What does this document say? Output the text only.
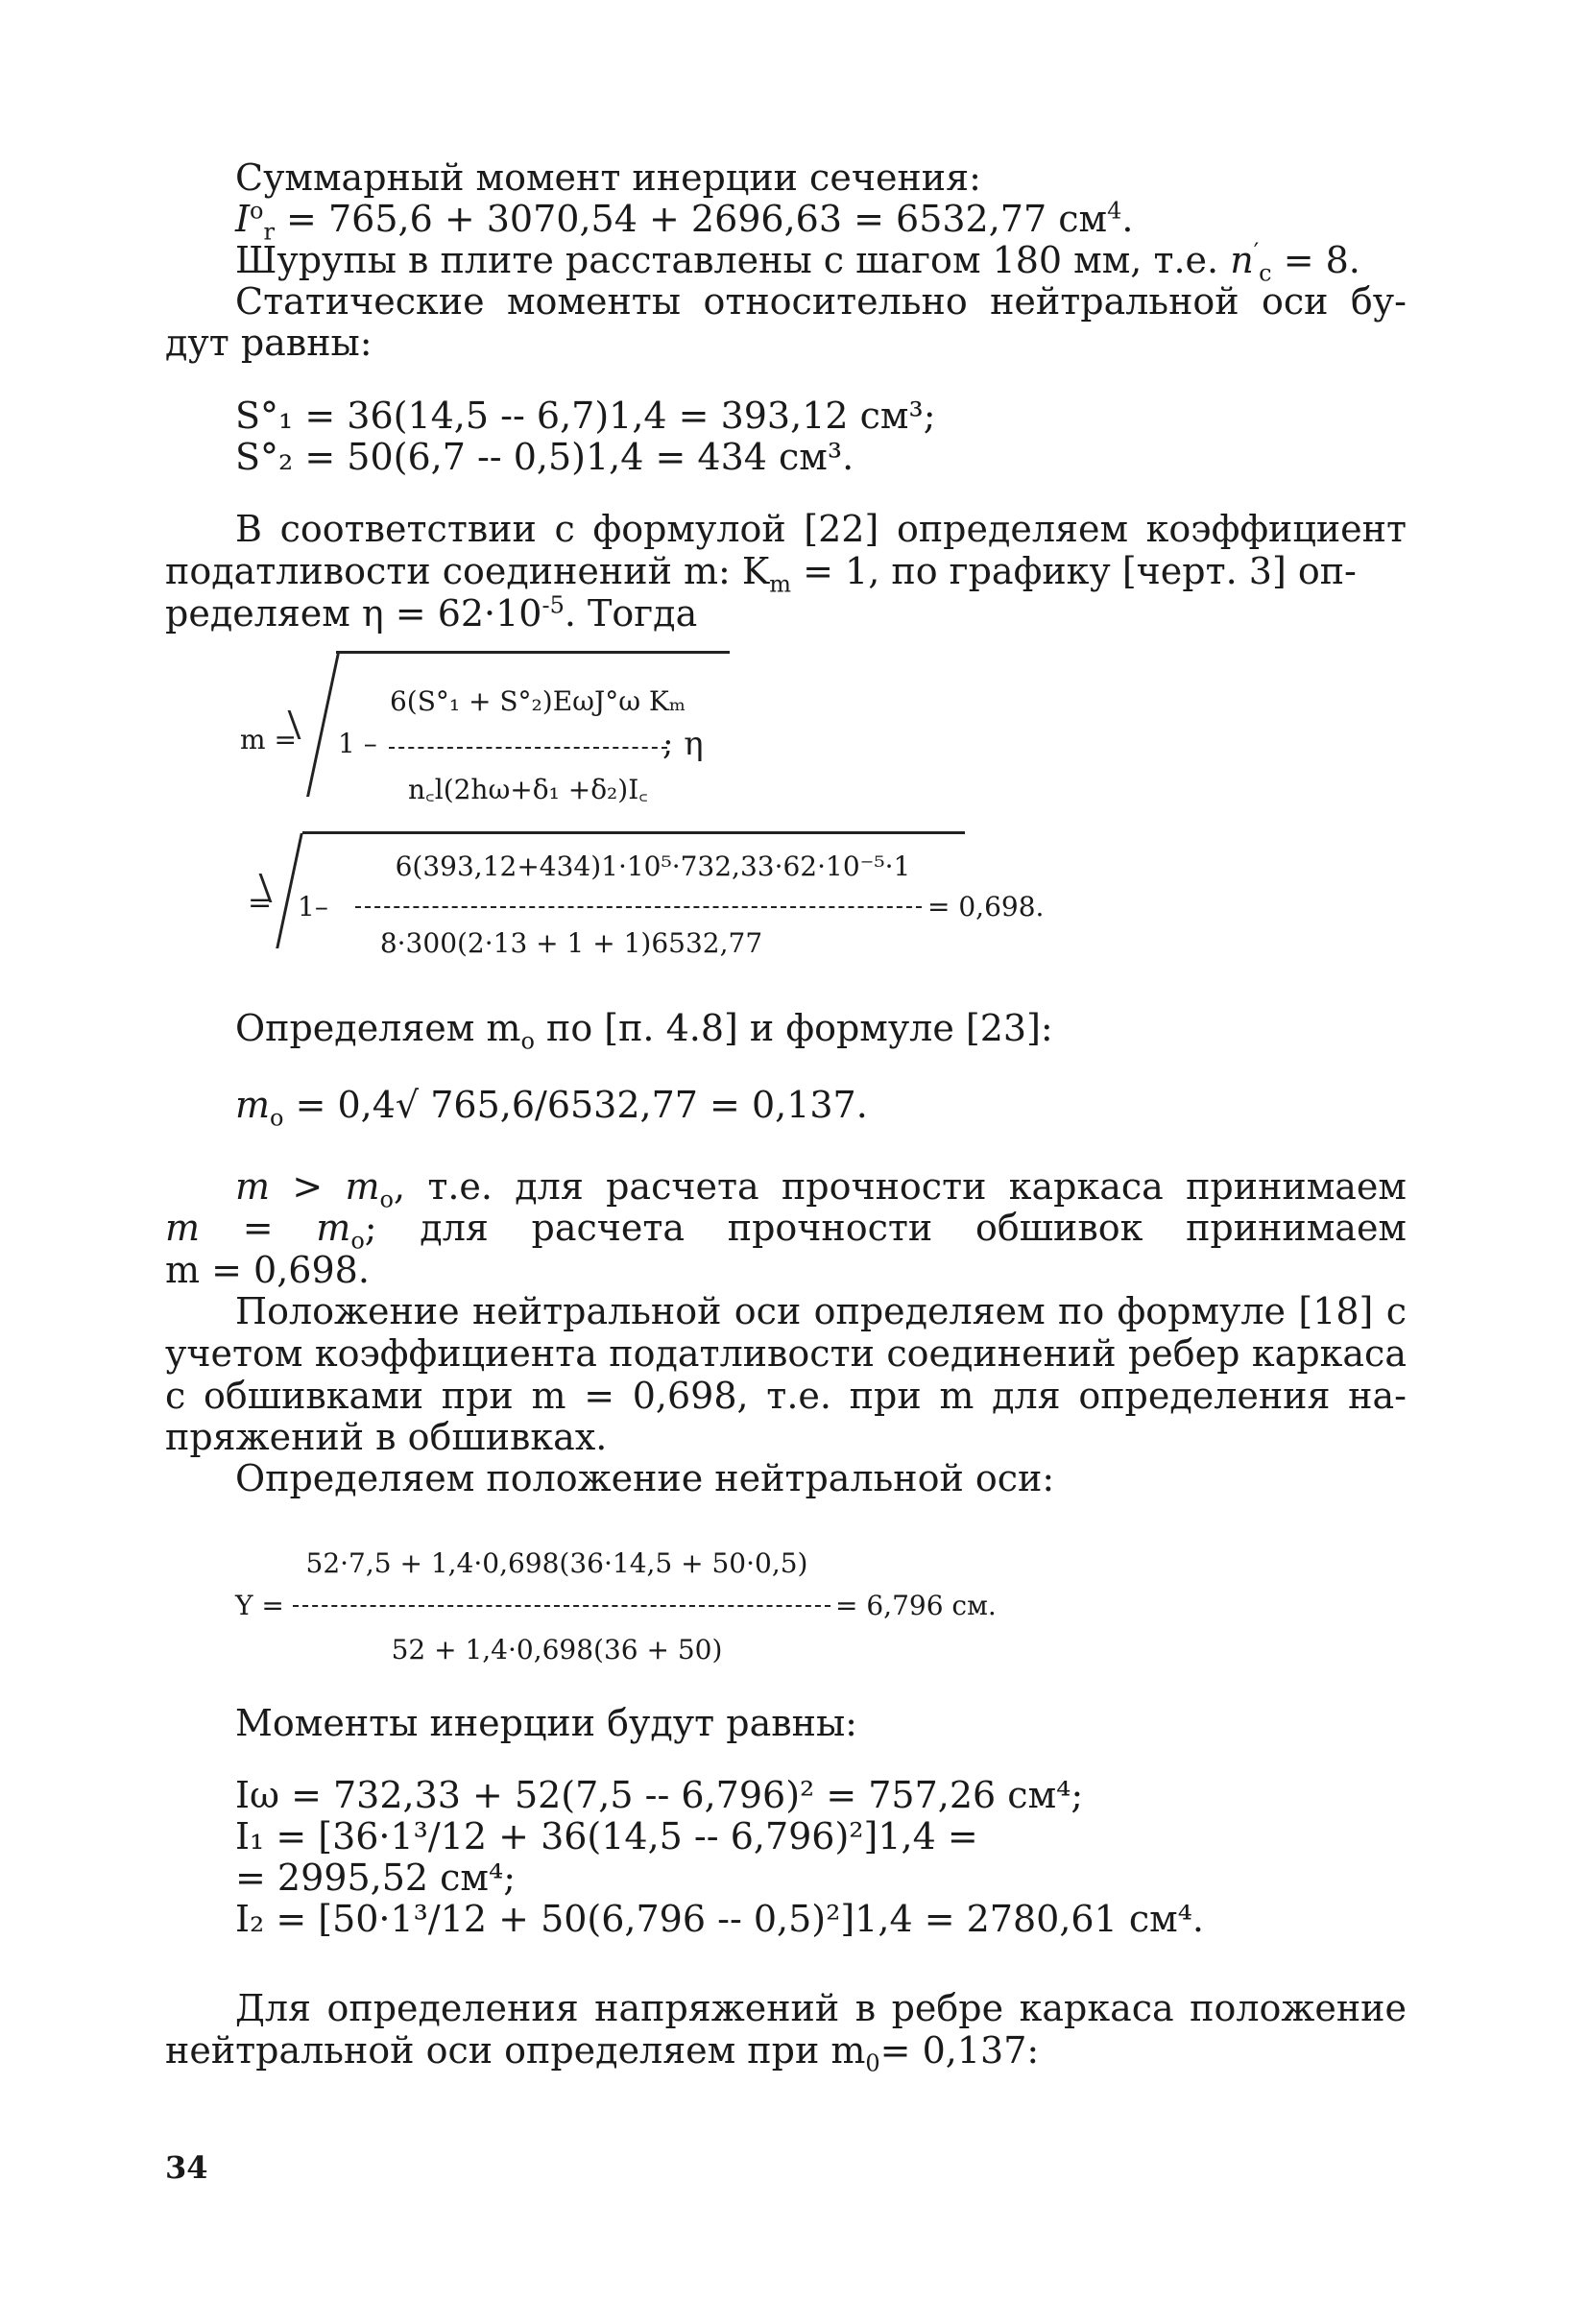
Суммарный момент инерции сечения:
$I^о_r = 765,6 + 3070,54 + 2696,63 = 6532,77$ $см^4$.
Шурупы в плите расставлены с шагом 180 мм, т.е. $n'_c = 8$.
Статические моменты относительно нейтральной оси бу-
дут равны:
S°₁ = 36(14,5 -- 6,7)1,4 = 393,12 см³;
S°₂ = 50(6,7 -- 0,5)1,4 = 434 см³.
В соответствии с формулой [22] определяем коэффициент
податливости соединений m: $K_m = 1$, по графику [черт. 3] оп-
ределяем $\eta = 62\cdot 10^{-5}$. Тогда
m = 1 –
6(S°₁ + S°₂)EωJ°ω Kₘ
n꜀l(2hω+δ₁ +δ₂)I꜀
; η
= 1–
6(393,12+434)1·10⁵·732,33·62·10⁻⁵·1
8·300(2·13 + 1 + 1)6532,77
= 0,698.
Определяем $m_о$ по [п. 4.8] и формуле [23]:
$m_о = 0,4√$ 765,6/6532,77 = 0,137.
$m > m_о$, т.е. для расчета прочности каркаса принимаем
$m = m_о$; для расчета прочности обшивок принимаем
m = 0,698.
Положение нейтральной оси определяем по формуле [18] с
учетом коэффициента податливости соединений ребер каркаса
с обшивками при m = 0,698, т.е. при m для определения на-
пряжений в обшивках.
Определяем положение нейтральной оси:
52·7,5 + 1,4·0,698(36·14,5 + 50·0,5)
Y =	= 6,796 см.
52 + 1,4·0,698(36 + 50)
Моменты инерции будут равны:
Iω = 732,33 + 52(7,5 -- 6,796)² = 757,26 см⁴;
I₁ = [36·1³/12 + 36(14,5 -- 6,796)²]1,4 =
= 2995,52 см⁴;
I₂ = [50·1³/12 + 50(6,796 -- 0,5)²]1,4 = 2780,61 см⁴.
Для определения напряжений в ребре каркаса положение
нейтральной оси определяем при $m_0= 0,137$:
34
